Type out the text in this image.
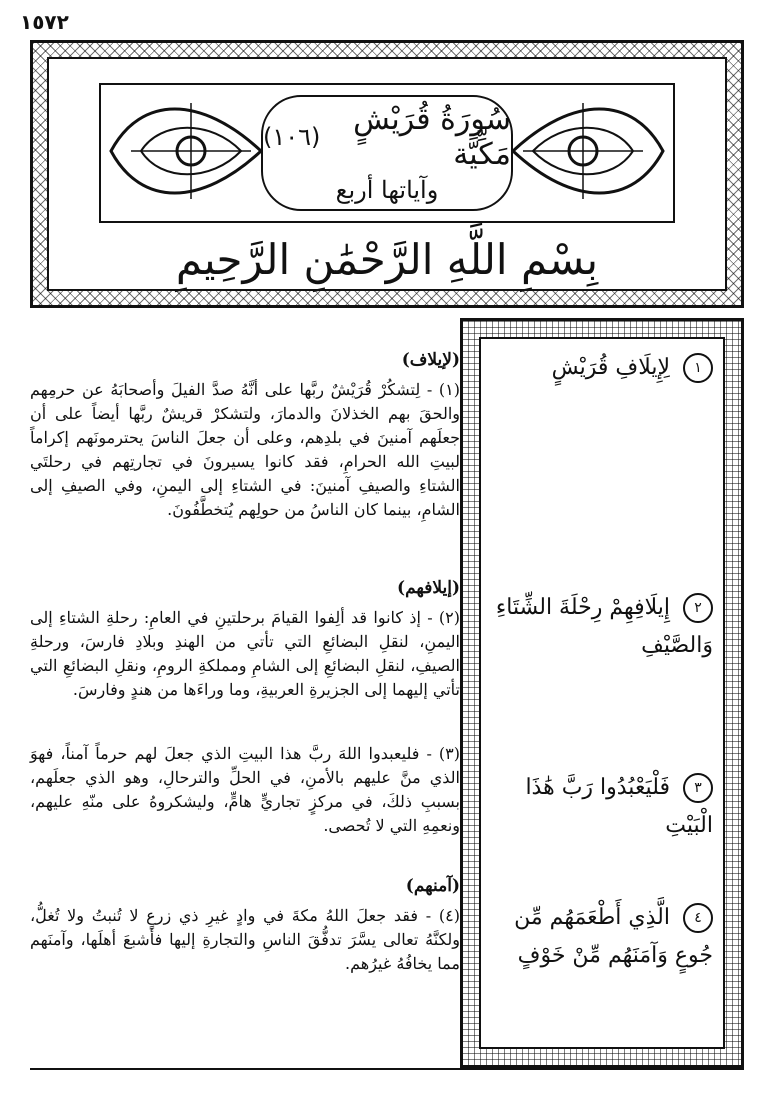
١٥٧٢
سُورَةُ قُرَيْشٍ مَكِّيَّة
(١٠٦)
وآياتها أربع
بِسْمِ اللَّهِ الرَّحْمَٰنِ الرَّحِيمِ
(لإيلاف)
(١) - لِتشكُرْ قُرَيْشٌ ربَّها على أنَّهُ صدَّ الفيلَ وأصحابَهُ عن حرمِهم والحقَ بهم الخذلانَ والدمارَ، ولتشكرْ قريشٌ ربَّها أيضاً على أن جعلَهم آمنينَ في بلدِهم، وعلى أن جعلَ الناسَ يحترمونَهم إكراماً لبيتِ الله الحرامِ، فقد كانوا يسيرونَ في تجارتِهم في رحلتَي الشتاءِ والصيفِ آمنينَ: في الشتاءِ إلى اليمنِ، وفي الصيفِ إلى الشامِ، بينما كان الناسُ من حولِهم يُتخطَّفُونَ.
(إيلافهم)
(٢) - إذ كانوا قد ألِفوا القيامَ برحلتينِ في العامِ: رحلةِ الشتاءِ إلى اليمنِ، لنقلِ البضائعِ التي تأتي من الهندِ وبلادِ فارسَ، ورحلةِ الصيفِ، لنقلِ البضائعِ إلى الشامِ ومملكةِ الرومِ، ونقلِ البضائعِ التي تأتي إليهما إلى الجزيرةِ العربيةِ، وما وراءَها من هندٍ وفارسَ.
(٣) - فليعبدوا اللهَ ربَّ هذا البيتِ الذي جعلَ لهم حرماً آمناً، فهوَ الذي منَّ عليهم بالأمنِ، في الحلِّ والترحالِ، وهو الذي جعلَهم، بسببِ ذلكَ، في مركزٍ تجاريٍّ هامٍّ، وليشكروهُ على منّهِ عليهم، ونعمِهِ التي لا تُحصى.
(آمنهم)
(٤) - فقد جعلَ اللهُ مكةَ في وادٍ غيرِ ذي زرعٍ لا تُنبتُ ولا تُغلُّ، ولكنَّهُ تعالى يسَّرَ تدفُّقَ الناسِ والتجارةِ إليها فأشبعَ أهلَها، وآمنَهم مما يخافُهُ غيرُهم.
١ لِإِيلَافِ قُرَيْشٍ
٢ إِيلَافِهِمْ رِحْلَةَ الشِّتَاءِ وَالصَّيْفِ
٣ فَلْيَعْبُدُوا رَبَّ هَٰذَا الْبَيْتِ
٤ الَّذِي أَطْعَمَهُم مِّن جُوعٍ وَآمَنَهُم مِّنْ خَوْفٍ
